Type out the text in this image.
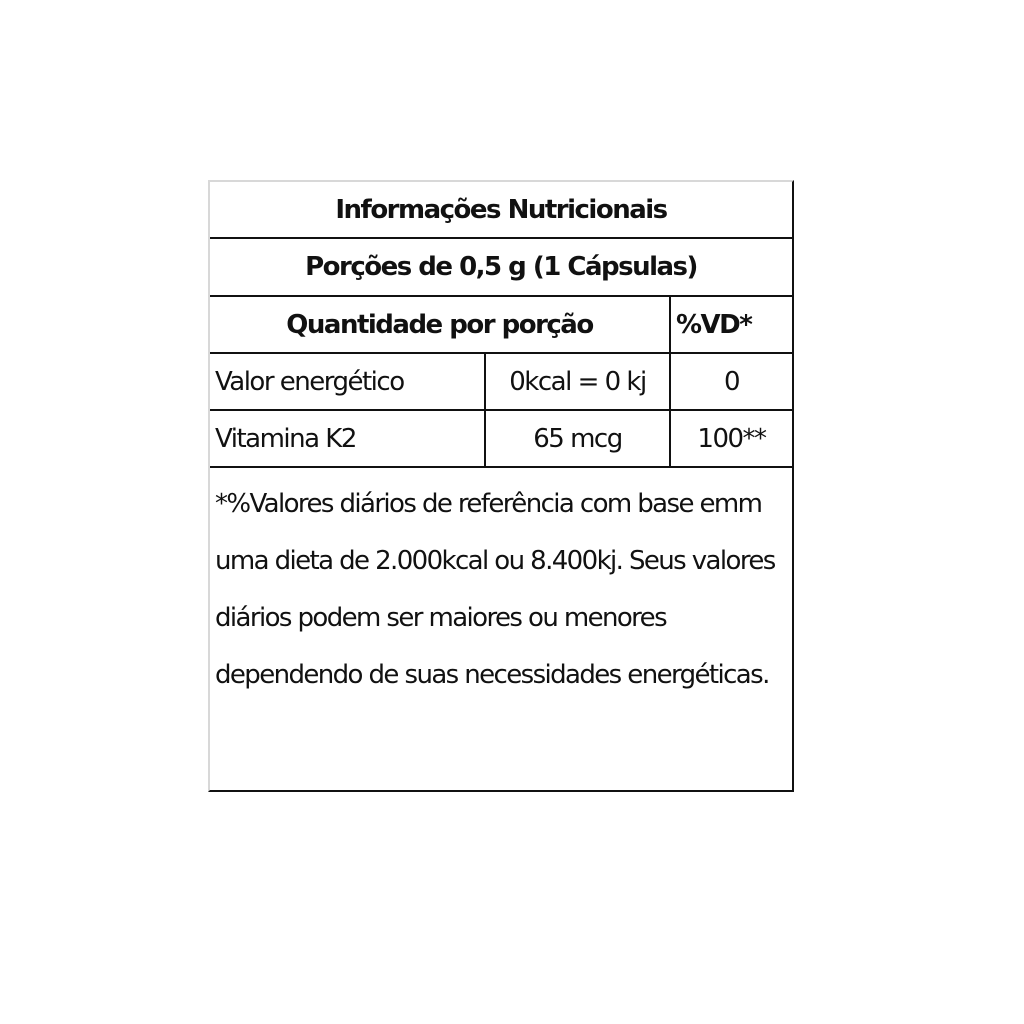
Informações Nutricionais
Porções de 0,5 g (1 Cápsulas)
Quantidade por porção	%VD*
Valor energético	0kcal = 0 kj	0
Vitamina K2	65 mcg	100**
*%Valores diários de referência com base emm
uma dieta de 2.000kcal ou 8.400kj. Seus valores
diários podem ser maiores ou menores
dependendo de suas necessidades energéticas.
